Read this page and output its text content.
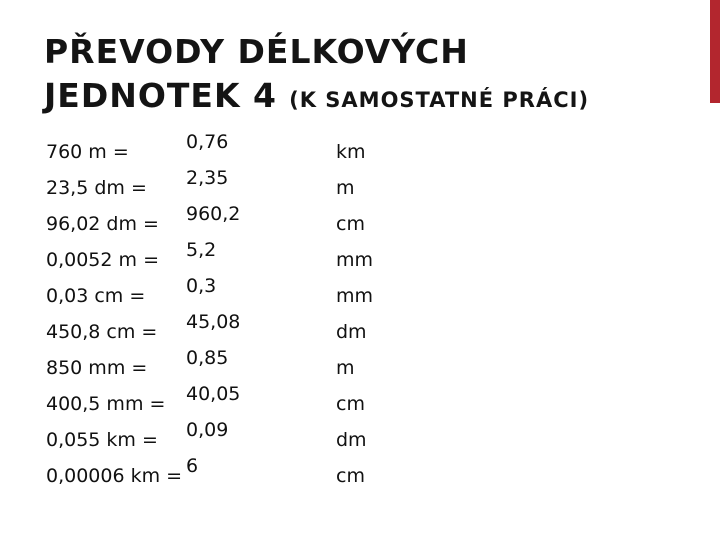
PŘEVODY DÉLKOVÝCH
JEDNOTEK 4 (K SAMOSTATNÉ PRÁCI)
760 m =	0,76	km
23,5 dm = 2,35	m
96,02 dm = 960,2	cm
0,0052 m = 5,2	mm
0,03 cm = 0,3	mm
450,8 cm = 45,08	dm
850 mm = 0,85	m
400,5 mm = 40,05	cm
0,055 km = 0,09	dm
0,00006 km = 6	cm
